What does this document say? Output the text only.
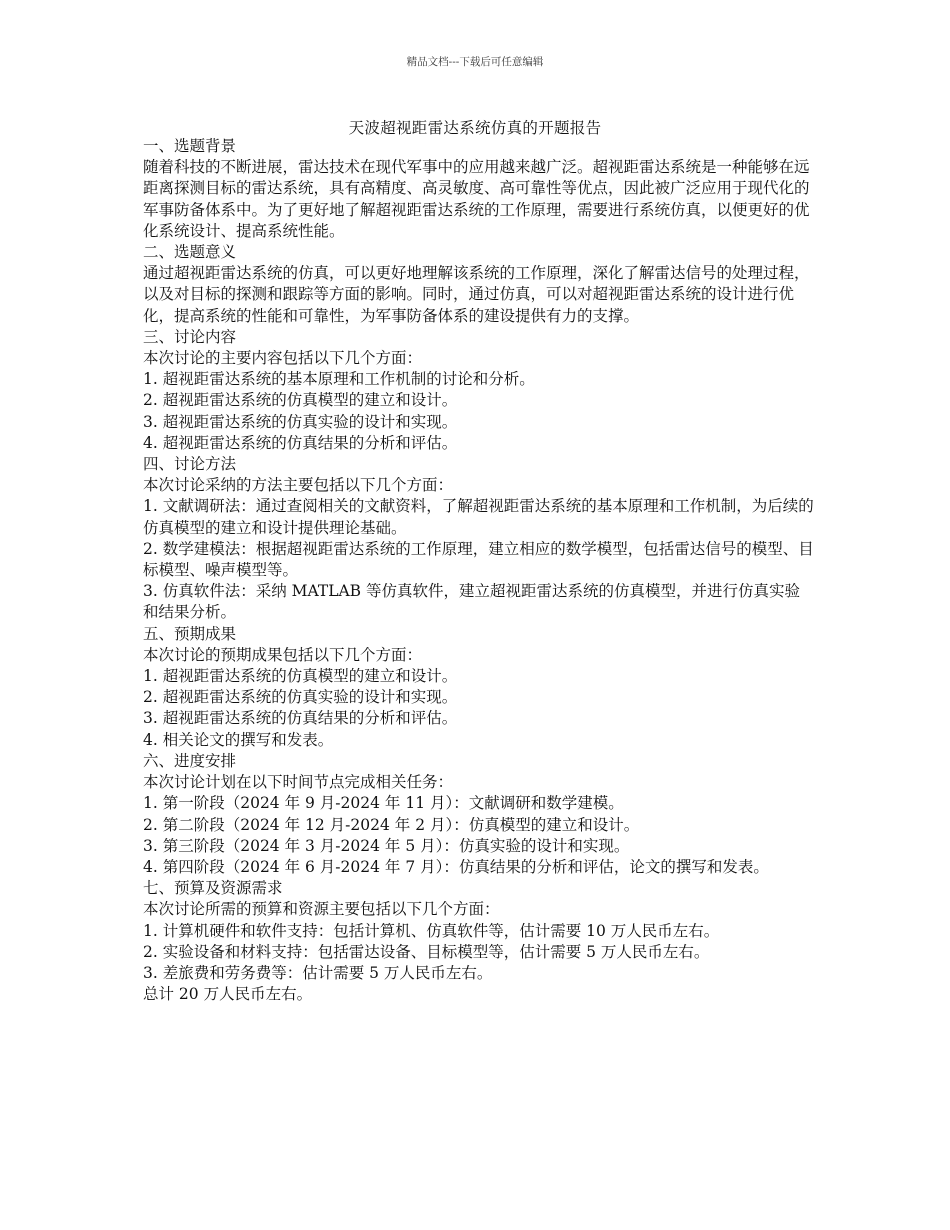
精品文档---下载后可任意编辑
天波超视距雷达系统仿真的开题报告

一、选题背景

随着科技的不断进展，雷达技术在现代军事中的应用越来越广泛。超视距雷达系统是一种能够在远距离探测目标的雷达系统，具有高精度、高灵敏度、高可靠性等优点，因此被广泛应用于现代化的军事防备体系中。为了更好地了解超视距雷达系统的工作原理，需要进行系统仿真，以便更好的优化系统设计、提高系统性能。

二、选题意义

通过超视距雷达系统的仿真，可以更好地理解该系统的工作原理，深化了解雷达信号的处理过程，以及对目标的探测和跟踪等方面的影响。同时，通过仿真，可以对超视距雷达系统的设计进行优化，提高系统的性能和可靠性，为军事防备体系的建设提供有力的支撑。

三、讨论内容

本次讨论的主要内容包括以下几个方面：

1. 超视距雷达系统的基本原理和工作机制的讨论和分析。

2. 超视距雷达系统的仿真模型的建立和设计。

3. 超视距雷达系统的仿真实验的设计和实现。

4. 超视距雷达系统的仿真结果的分析和评估。

四、讨论方法

本次讨论采纳的方法主要包括以下几个方面：

1. 文献调研法：通过查阅相关的文献资料，了解超视距雷达系统的基本原理和工作机制，为后续的仿真模型的建立和设计提供理论基础。

2. 数学建模法：根据超视距雷达系统的工作原理，建立相应的数学模型，包括雷达信号的模型、目标模型、噪声模型等。

3. 仿真软件法：采纳 MATLAB 等仿真软件，建立超视距雷达系统的仿真模型，并进行仿真实验和结果分析。

五、预期成果

本次讨论的预期成果包括以下几个方面：

1. 超视距雷达系统的仿真模型的建立和设计。

2. 超视距雷达系统的仿真实验的设计和实现。

3. 超视距雷达系统的仿真结果的分析和评估。

4. 相关论文的撰写和发表。

六、进度安排

本次讨论计划在以下时间节点完成相关任务：

1. 第一阶段（2024 年 9 月-2024 年 11 月）：文献调研和数学建模。

2. 第二阶段（2024 年 12 月-2024 年 2 月）：仿真模型的建立和设计。

3. 第三阶段（2024 年 3 月-2024 年 5 月）：仿真实验的设计和实现。

4. 第四阶段（2024 年 6 月-2024 年 7 月）：仿真结果的分析和评估，论文的撰写和发表。

七、预算及资源需求

本次讨论所需的预算和资源主要包括以下几个方面：

1. 计算机硬件和软件支持：包括计算机、仿真软件等，估计需要 10 万人民币左右。

2. 实验设备和材料支持：包括雷达设备、目标模型等，估计需要 5 万人民币左右。

3. 差旅费和劳务费等：估计需要 5 万人民币左右。

总计 20 万人民币左右。
